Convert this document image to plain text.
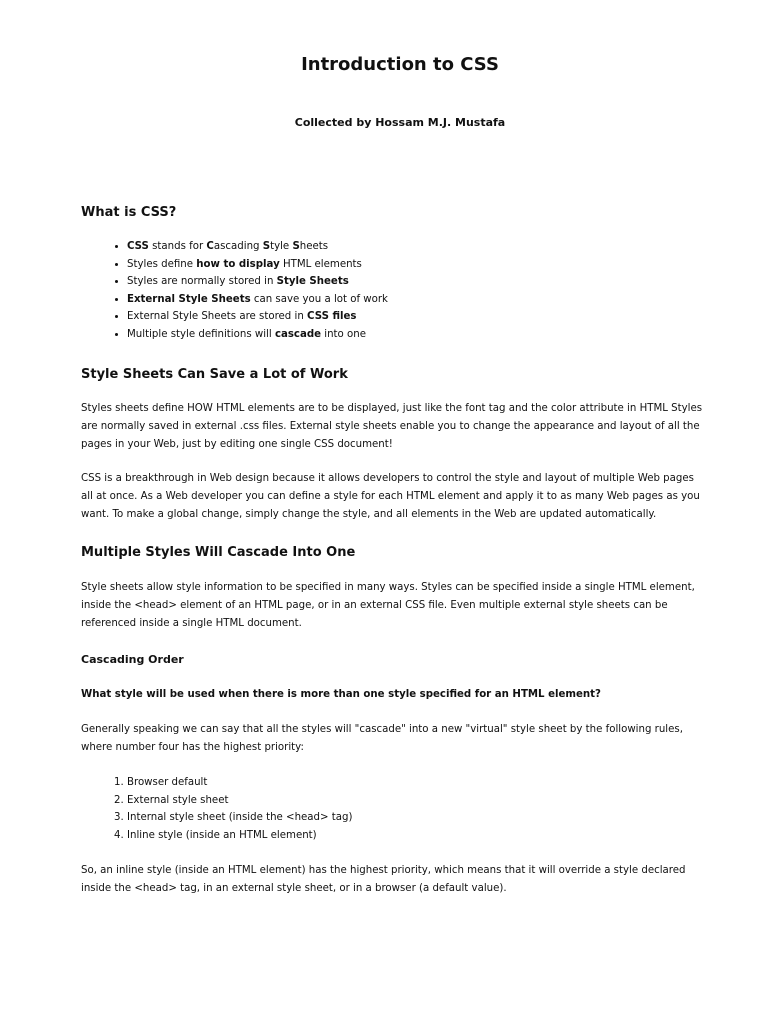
Introduction to CSS
Collected by Hossam M.J. Mustafa
What is CSS?
• CSS stands for Cascading Style Sheets
• Styles define how to display HTML elements
• Styles are normally stored in Style Sheets
• External Style Sheets can save you a lot of work
• External Style Sheets are stored in CSS files
• Multiple style definitions will cascade into one
Style Sheets Can Save a Lot of Work

Styles sheets define HOW HTML elements are to be displayed, just like the font tag and the color attribute in HTML Styles

are normally saved in external .css files. External style sheets enable you to change the appearance and layout of all the

pages in your Web, just by editing one single CSS document!

CSS is a breakthrough in Web design because it allows developers to control the style and layout of multiple Web pages

all at once. As a Web developer you can define a style for each HTML element and apply it to as many Web pages as you

want. To make a global change, simply change the style, and all elements in the Web are updated automatically.

Multiple Styles Will Cascade Into One

Style sheets allow style information to be specified in many ways. Styles can be specified inside a single HTML element,

inside the <head> element of an HTML page, or in an external CSS file. Even multiple external style sheets can be

referenced inside a single HTML document.

Cascading Order

What style will be used when there is more than one style specified for an HTML element?

Generally speaking we can say that all the styles will "cascade" into a new "virtual" style sheet by the following rules,

where number four has the highest priority:

1. Browser default
2. External style sheet
3. Internal style sheet (inside the <head> tag)
4. Inline style (inside an HTML element)

So, an inline style (inside an HTML element) has the highest priority, which means that it will override a style declared

inside the <head> tag, in an external style sheet, or in a browser (a default value).
